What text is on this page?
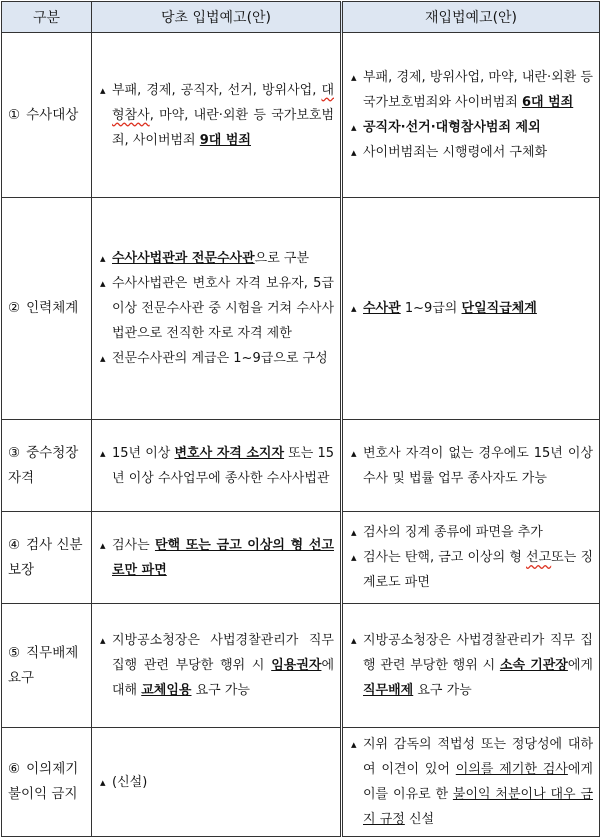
구분	당초 입법예고(안)	재입법예고(안)
① 수사대상	▴ 부패, 경제, 공직자, 선거, 방위사업, 대형참사, 마약, 내란·외환 등 국가보호범죄, 사이버범죄 9대 범죄	▴ 부패, 경제, 방위사업, 마약, 내란·외환 등 국가보호범죄와 사이버범죄 6대 범죄
▴ 공직자·선거·대형참사범죄 제외
▴ 사이버범죄는 시행령에서 구체화

② 인력체계	▴ 수사사법관과 전문수사관으로 구분
▴ 수사사법관은 변호사 자격 보유자, 5급 이상 전문수사관 중 시험을 거쳐 수사사법관으로 전직한 자로 자격 제한
▴ 전문수사관의 계급은 1~9급으로 구성	▴ 수사관 1~9급의 단일직급체계

③ 중수청장 자격	▴ 15년 이상 변호사 자격 소지자 또는 15년 이상 수사업무에 종사한 수사사법관	▴ 변호사 자격이 없는 경우에도 15년 이상 수사 및 법률 업무 종사자도 가능

④ 검사 신분보장	▴ 검사는 탄핵 또는 금고 이상의 형 선고로만 파면	▴ 검사의 징계 종류에 파면을 추가
▴ 검사는 탄핵, 금고 이상의 형 선고또는 징계로도 파면

⑤ 직무배제 요구	▴ 지방공소청장은 사법경찰관리가 직무 집행 관련 부당한 행위 시 임용권자에 대해 교체임용 요구 가능	▴ 지방공소청장은 사법경찰관리가 직무 집행 관련 부당한 행위 시 소속 기관장에게 직무배제 요구 가능

⑥ 이의제기 불이익 금지	▴ (신설)	▴ 지위 감독의 적법성 또는 정당성에 대하여 이견이 있어 이의를 제기한 검사에게 이를 이유로 한 불이익 처분이나 대우 금지 규정 신설
